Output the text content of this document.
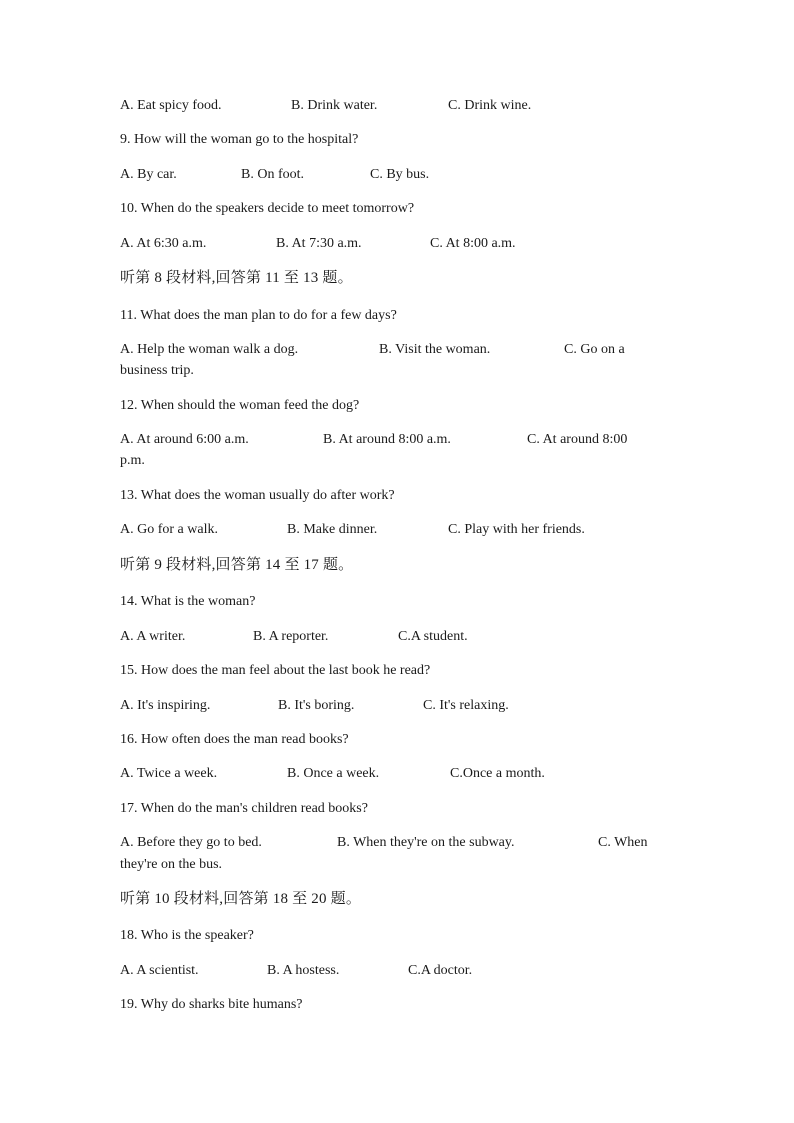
A. Eat spicy food.	B. Drink water.	C. Drink wine.
9. How will the woman go to the hospital?
A. By car.	B. On foot.	C. By bus.
10. When do the speakers decide to meet tomorrow?
A. At 6:30 a.m.	B. At 7:30 a.m.	C. At 8:00 a.m.
听第 8 段材料,回答第 11 至 13 题。
11. What does the man plan to do for a few days?
A. Help the woman walk a dog.	B. Visit the woman.	C. Go on a
business trip.
12. When should the woman feed the dog?
A. At around 6:00 a.m.	B. At around 8:00 a.m.	C. At around 8:00
p.m.
13. What does the woman usually do after work?
A. Go for a walk.	B. Make dinner.	C. Play with her friends.
听第 9 段材料,回答第 14 至 17 题。
14. What is the woman?
A. A writer.	B. A reporter.	C.A student.
15. How does the man feel about the last book he read?
A. It's inspiring.	B. It's boring.	C. It's relaxing.
16. How often does the man read books?
A. Twice a week.	B. Once a week.	C.Once a month.
17. When do the man's children read books?
A. Before they go to bed.	B. When they're on the subway.	C. When
they're on the bus.
听第 10 段材料,回答第 18 至 20 题。
18. Who is the speaker?
A. A scientist.	B. A hostess.	C.A doctor.
19. Why do sharks bite humans?
